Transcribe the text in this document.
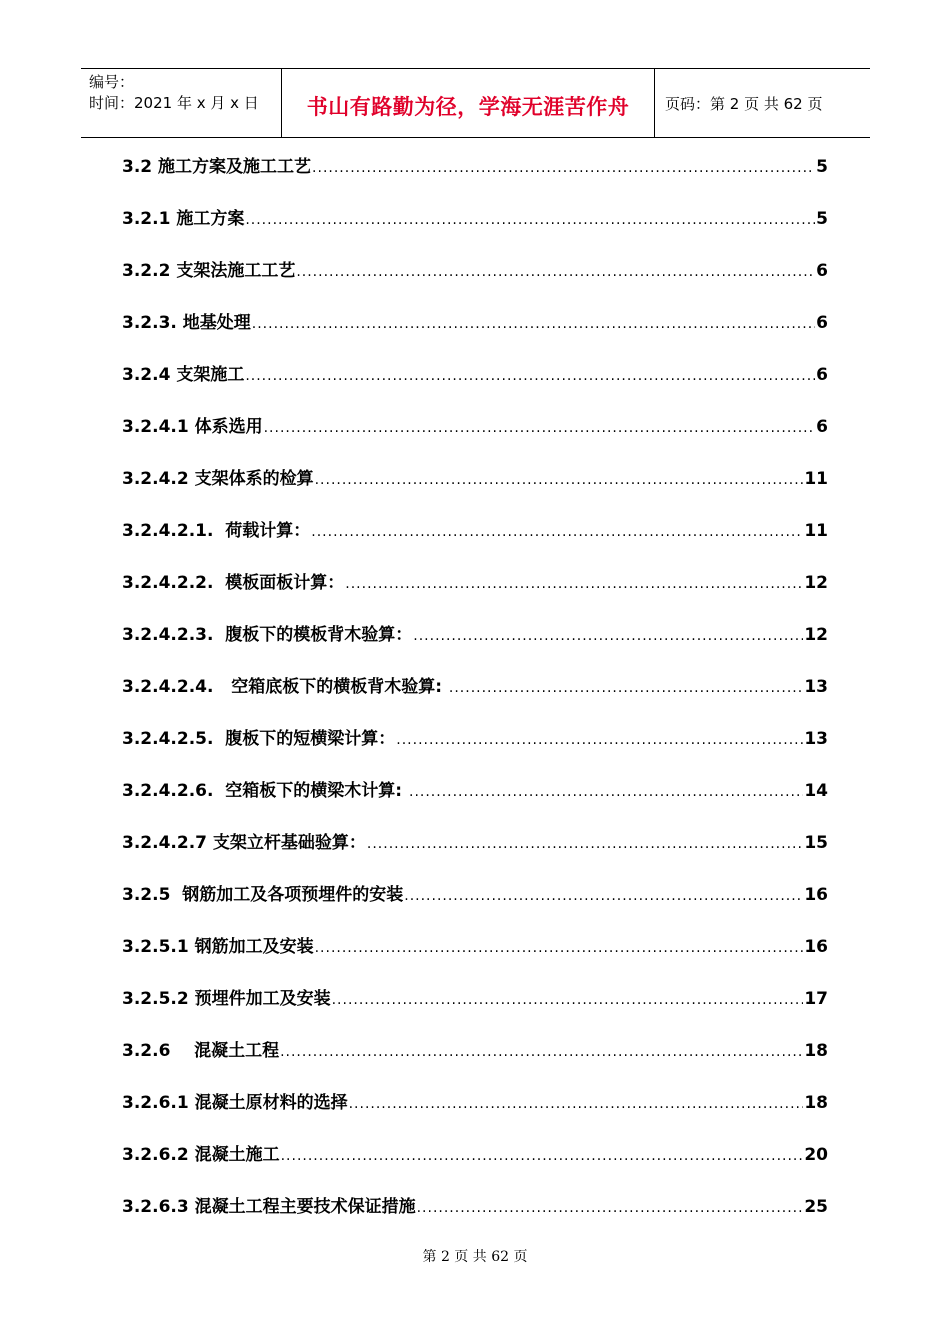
编号：
时间：2021 年 x 月 x 日	书山有路勤为径，学海无涯苦作舟 页码：第 2 页 共 62 页
3.2 施工方案及施工工艺 .....	5
3.2.1 施工方案 .....	5
3.2.2 支架法施工工艺 .....	6
3.2.3. 地基处理 .....	6
3.2.4 支架施工 .....	6
3.2.4.1 体系选用 .....	6
3.2.4.2 支架体系的检算 .....	11
3.2.4.2.1.  荷载计算： .....	11
3.2.4.2.2.  模板面板计算： .....	12
3.2.4.2.3.  腹板下的模板背木验算： .....	12
3.2.4.2.4.   空箱底板下的横板背木验算: .....	13
3.2.4.2.5.  腹板下的短横梁计算： .....	13
3.2.4.2.6.  空箱板下的横梁木计算: .....	14
3.2.4.2.7 支架立杆基础验算： .....	15
3.2.5  钢筋加工及各项预埋件的安装 .....	16
3.2.5.1 钢筋加工及安装 .....	16
3.2.5.2 预埋件加工及安装 .....	17
3.2.6    混凝土工程 .....	18
3.2.6.1 混凝土原材料的选择 .....	18
3.2.6.2 混凝土施工 .....	20
3.2.6.3 混凝土工程主要技术保证措施 .....	25
第 2 页 共 62 页
